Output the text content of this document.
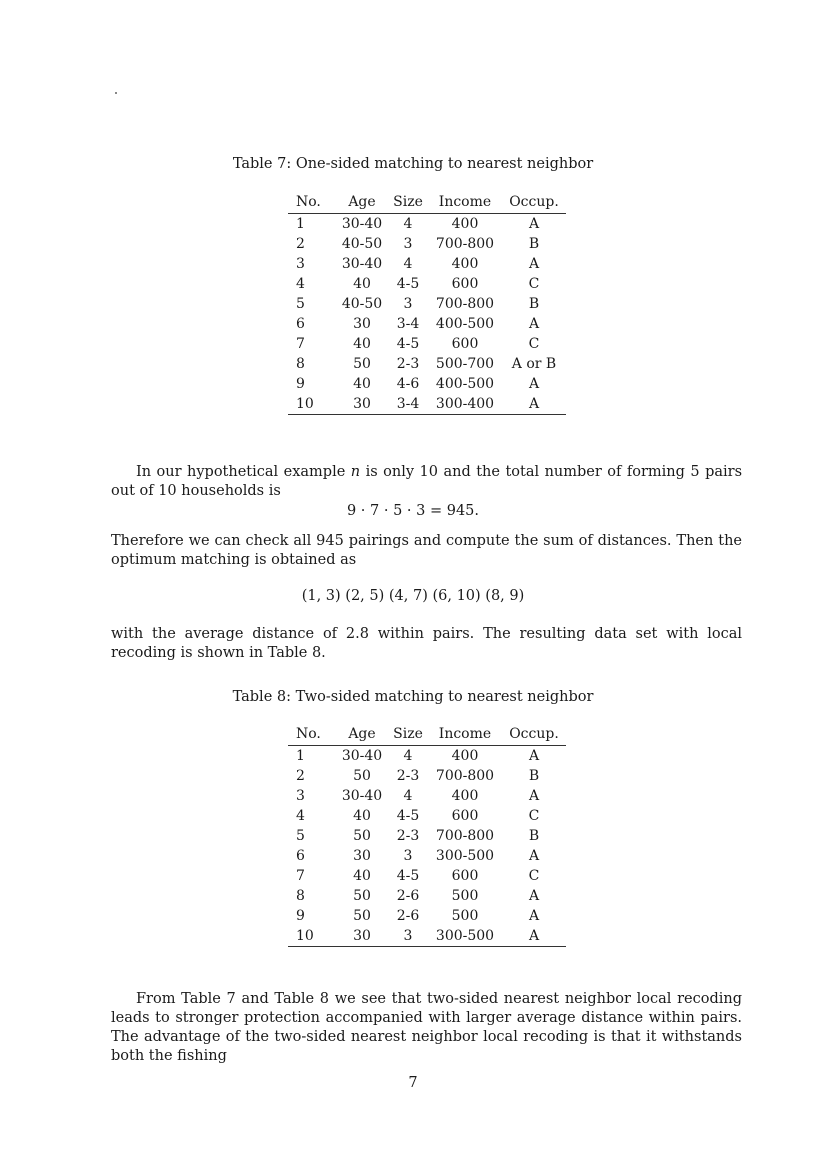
Table 7: One-sided matching to nearest neighbor
No.	Age	Size	Income	Occup.
1	30-40	4	400	A
2	40-50	3	700-800	B
3	30-40	4	400	A
4	40	4-5	600	C
5	40-50	3	700-800	B
6	30	3-4	400-500	A
7	40	4-5	600	C
8	50	2-3	500-700	A or B
9	40	4-6	400-500	A
10	30	3-4	300-400	A

In our hypothetical example n is only 10 and the total number of forming 5 pairs out of 10 households is

9 · 7 · 5 · 3 = 945.

Therefore we can check all 945 pairings and compute the sum of distances. Then the optimum matching is obtained as

(1, 3) (2, 5) (4, 7) (6, 10) (8, 9)

with the average distance of 2.8 within pairs. The resulting data set with local recoding is shown in Table 8.

Table 8: Two-sided matching to nearest neighbor
No.	Age	Size	Income	Occup.
1	30-40	4	400	A
2	50	2-3	700-800	B
3	30-40	4	400	A
4	40	4-5	600	C
5	50	2-3	700-800	B
6	30	3	300-500	A
7	40	4-5	600	C
8	50	2-6	500	A
9	50	2-6	500	A
10	30	3	300-500	A

From Table 7 and Table 8 we see that two-sided nearest neighbor local recoding leads to stronger protection accompanied with larger average distance within pairs. The advantage of the two-sided nearest neighbor local recoding is that it withstands both the fishing

7
